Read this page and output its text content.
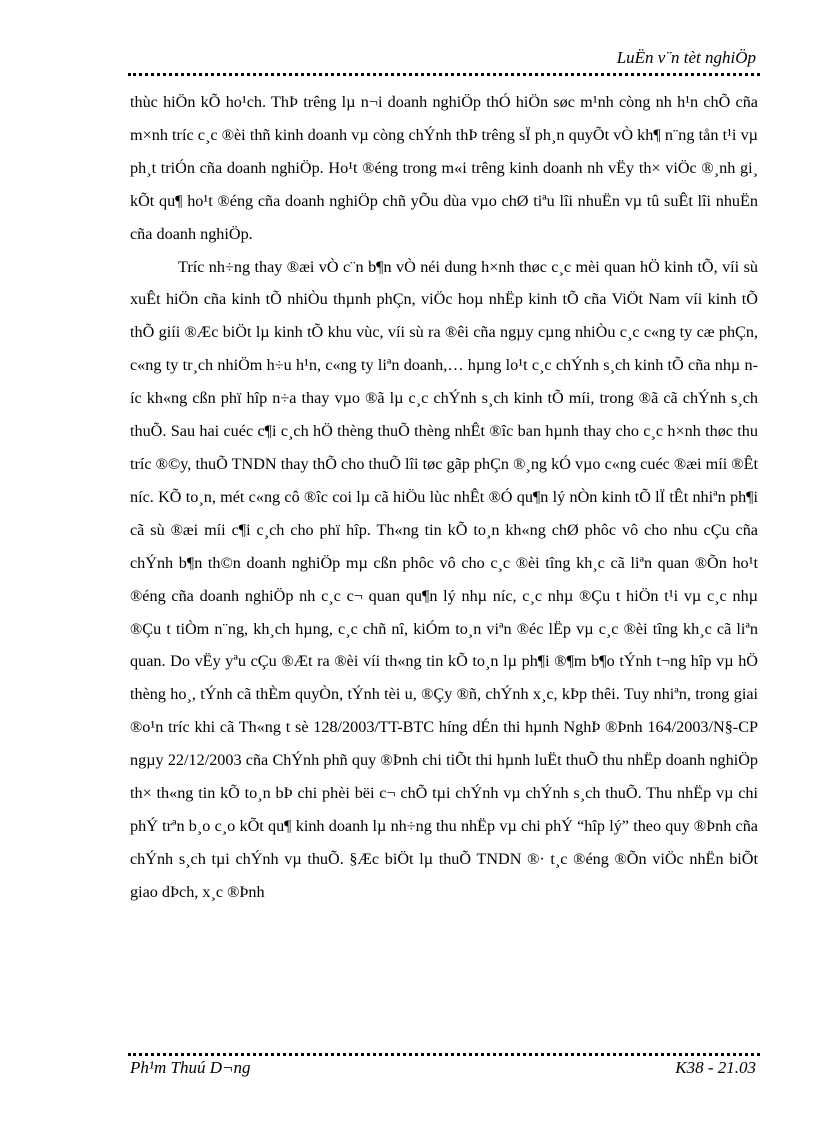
LuËn v¨n tèt nghiÖp

thùc hiÖn kÕ ho¹ch. ThÞ trêng lµ n¬i doanh nghiÖp thÓ hiÖn søc m¹nh còng nh h¹n chÕ cña m×nh tríc c¸c ®èi thñ kinh doanh vµ còng chÝnh thÞ trêng sÏ ph¸n quyÕt vÒ kh¶ n¨ng tån t¹i vµ ph¸t triÓn cña doanh nghiÖp. Ho¹t ®éng trong m«i trêng kinh doanh nh vËy th× viÖc ®¸nh gi¸ kÕt qu¶ ho¹t ®éng cña doanh nghiÖp chñ yÕu dùa vµo chØ tiªu lîi nhuËn vµ tû suÊt lîi nhuËn cña doanh nghiÖp.

Tríc nh÷ng thay ®æi vÒ c¨n b¶n vÒ néi dung h×nh thøc c¸c mèi quan hÖ kinh tÕ, víi sù xuÊt hiÖn cña kinh tÕ nhiÒu thµnh phÇn, viÖc hoµ nhËp kinh tÕ cña ViÖt Nam víi kinh tÕ thÕ giíi ®Æc biÖt lµ kinh tÕ khu vùc, víi sù ra ®êi cña ngµy cµng nhiÒu c¸c c«ng ty cæ phÇn, c«ng ty tr¸ch nhiÖm h÷u h¹n, c«ng ty liªn doanh,… hµng lo¹t c¸c chÝnh s¸ch kinh tÕ cña nhµ níc kh«ng cßn phï hîp n÷a thay vµo ®ã lµ c¸c chÝnh s¸ch kinh tÕ míi, trong ®ã cã chÝnh s¸ch thuÕ. Sau hai cuéc c¶i c¸ch hÖ thèng thuÕ thèng nhÊt ®îc ban hµnh thay cho c¸c h×nh thøc thu tríc ®©y, thuÕ TNDN thay thÕ cho thuÕ lîi tøc gãp phÇn ®¸ng kÓ vµo c«ng cuéc ®æi míi ®Êt níc. KÕ to¸n, mét c«ng cô ®îc coi lµ cã hiÖu lùc nhÊt ®Ó qu¶n lý nÒn kinh tÕ lÏ tÊt nhiªn ph¶i cã sù ®æi míi c¶i c¸ch cho phï hîp. Th«ng tin kÕ to¸n kh«ng chØ phôc vô cho nhu cÇu cña chÝnh b¶n th©n doanh nghiÖp mµ cßn phôc vô cho c¸c ®èi tîng kh¸c cã liªn quan ®Õn ho¹t ®éng cña doanh nghiÖp nh c¸c c¬ quan qu¶n lý nhµ níc, c¸c nhµ ®Çu t hiÖn t¹i vµ c¸c nhµ ®Çu t tiÒm n¨ng, kh¸ch hµng, c¸c chñ nî, kiÓm to¸n viªn ®éc lËp vµ c¸c ®èi tîng kh¸c cã liªn quan. Do vËy yªu cÇu ®Æt ra ®èi víi th«ng tin kÕ to¸n lµ ph¶i ®¶m b¶o tÝnh t¬ng hîp vµ hÖ thèng ho¸, tÝnh cã thÈm quyÒn, tÝnh tèi u, ®Çy ®ñ, chÝnh x¸c, kÞp thêi. Tuy nhiªn, trong giai ®o¹n tríc khi cã Th«ng t sè 128/2003/TT-BTC híng dÉn thi hµnh NghÞ ®Þnh 164/2003/N§-CP ngµy 22/12/2003 cña ChÝnh phñ quy ®Þnh chi tiÕt thi hµnh luËt thuÕ thu nhËp doanh nghiÖp th× th«ng tin kÕ to¸n bÞ chi phèi bëi c¬ chÕ tµi chÝnh vµ chÝnh s¸ch thuÕ. Thu nhËp vµ chi phÝ trªn b¸o c¸o kÕt qu¶ kinh doanh lµ nh÷ng thu nhËp vµ chi phÝ “hîp lý” theo quy ®Þnh cña chÝnh s¸ch tµi chÝnh vµ thuÕ. §Æc biÖt lµ thuÕ TNDN ®· t¸c ®éng ®Õn viÖc nhËn biÕt giao dÞch, x¸c ®Þnh

Ph¹m Thuú D¬ng	K38 - 21.03
